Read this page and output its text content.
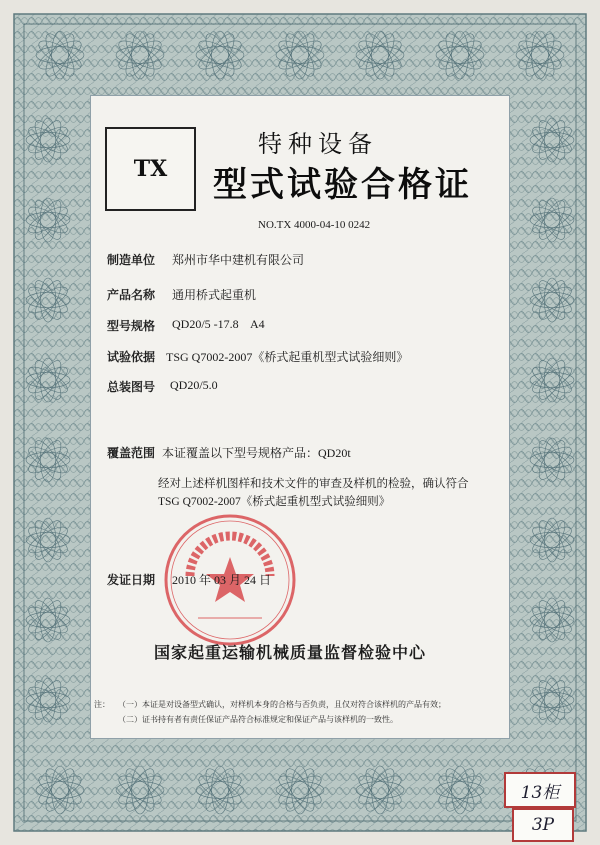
TX
特种设备
型式试验合格证
NO.TX 4000-04-10 0242
制造单位 郑州市华中建机有限公司
产品名称 通用桥式起重机
型号规格 QD20/5 -17.8    A4
试验依据 TSG Q7002-2007《桥式起重机型式试验细则》
总装图号 QD20/5.0
覆盖范围 本证覆盖以下型号规格产品：QD20t
经对上述样机图样和技术文件的审查及样机的检验，确认符合
TSG Q7002-2007《桥式起重机型式试验细则》
发证日期 2010 年 03 月 24 日
国家起重运输机械质量监督检验中心
注： （一）本证是对设备型式确认，对样机本身的合格与否负责，且仅对符合该样机的产品有效；
（二）证书持有者有责任保证产品符合标准规定和保证产品与该样机的一致性。
13柜
3P
